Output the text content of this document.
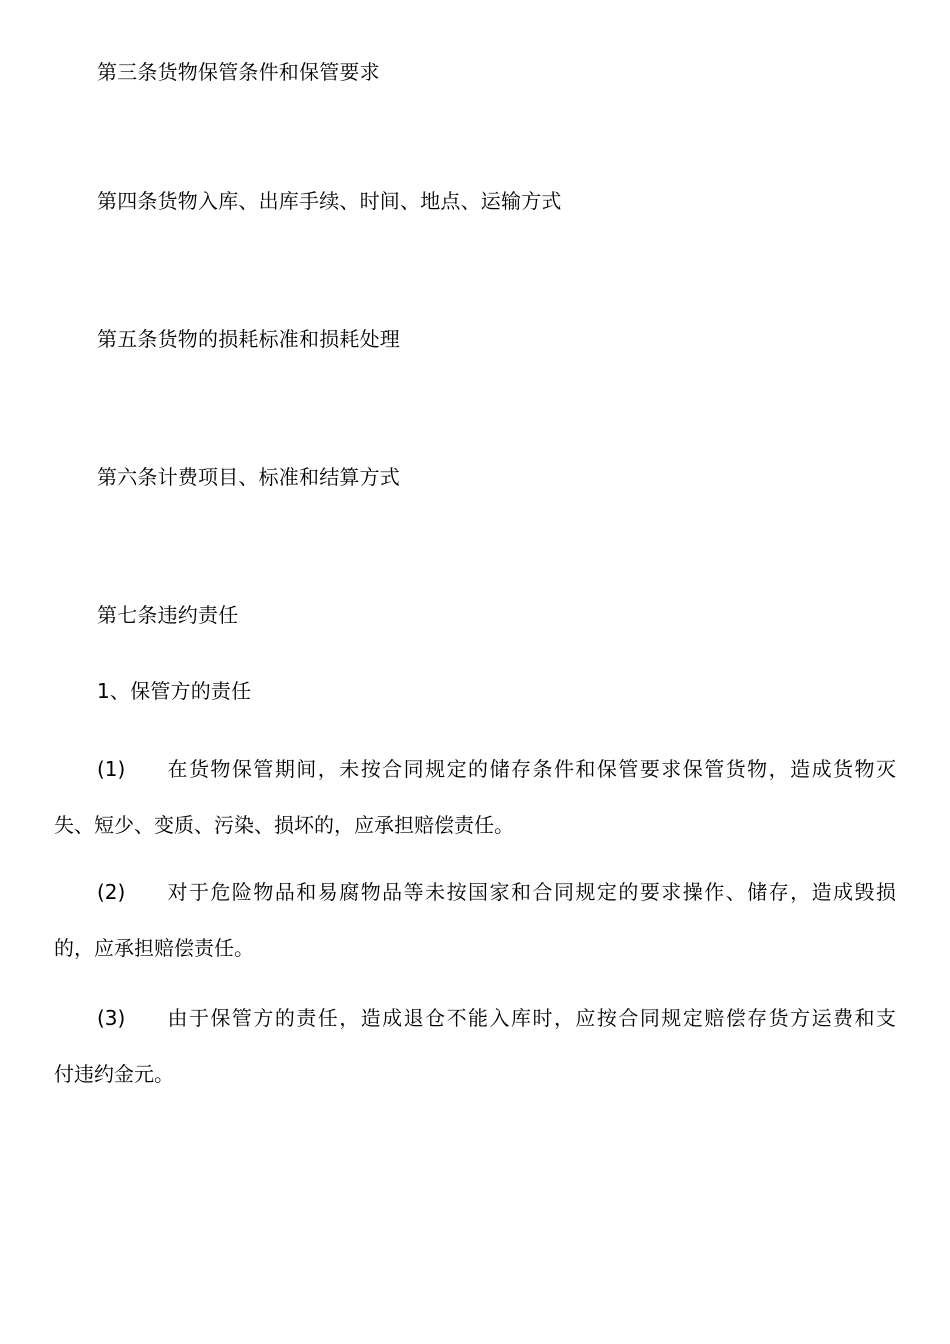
第三条货物保管条件和保管要求
第四条货物入库、出库手续、时间、地点、运输方式
第五条货物的损耗标准和损耗处理
第六条计费项目、标准和结算方式
第七条违约责任
1、保管方的责任
(1) 在货物保管期间，未按合同规定的储存条件和保管要求保管货物，造成货物灭
失、短少、变质、污染、损坏的，应承担赔偿责任。
(2) 对于危险物品和易腐物品等未按国家和合同规定的要求操作、储存，造成毁损
的，应承担赔偿责任。
(3) 由于保管方的责任，造成退仓不能入库时，应按合同规定赔偿存货方运费和支
付违约金元。
